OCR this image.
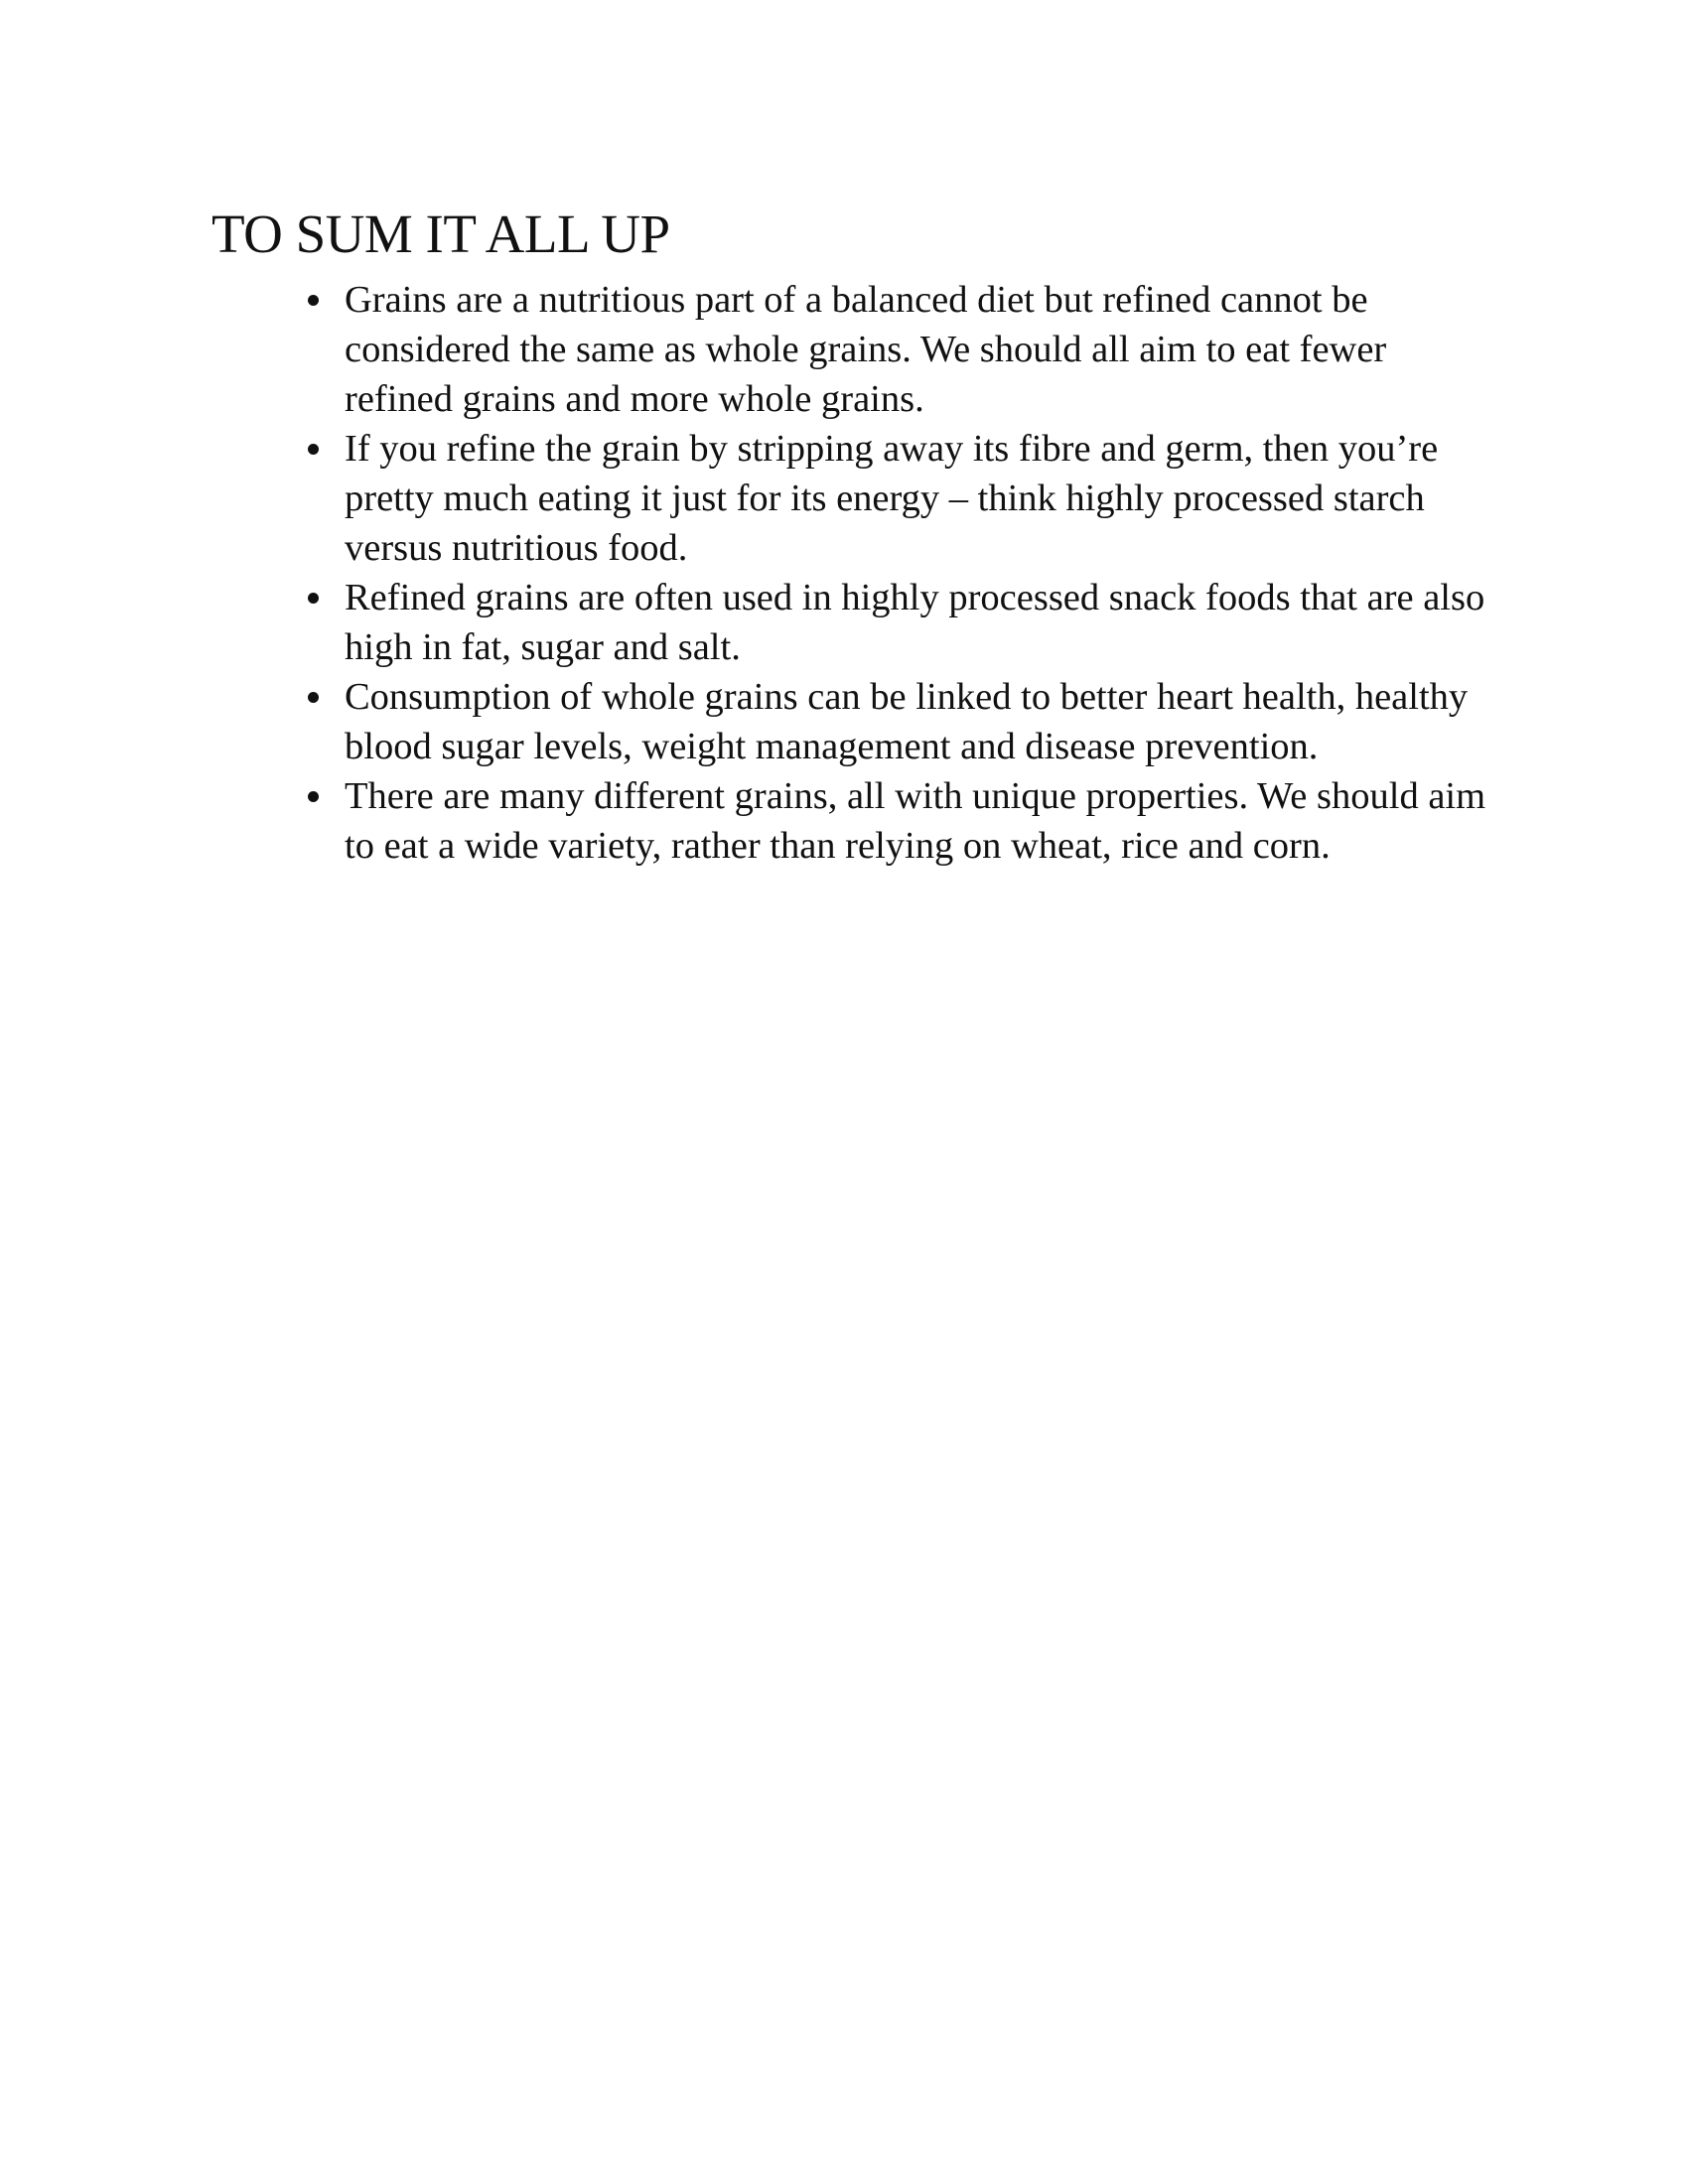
TO SUM IT ALL UP
Grains are a nutritious part of a balanced diet but refined cannot be considered the same as whole grains. We should all aim to eat fewer refined grains and more whole grains.
If you refine the grain by stripping away its fibre and germ, then you’re pretty much eating it just for its energy – think highly processed starch versus nutritious food.
Refined grains are often used in highly processed snack foods that are also high in fat, sugar and salt.
Consumption of whole grains can be linked to better heart health, healthy blood sugar levels, weight management and disease prevention.
There are many different grains, all with unique properties. We should aim to eat a wide variety, rather than relying on wheat, rice and corn.
